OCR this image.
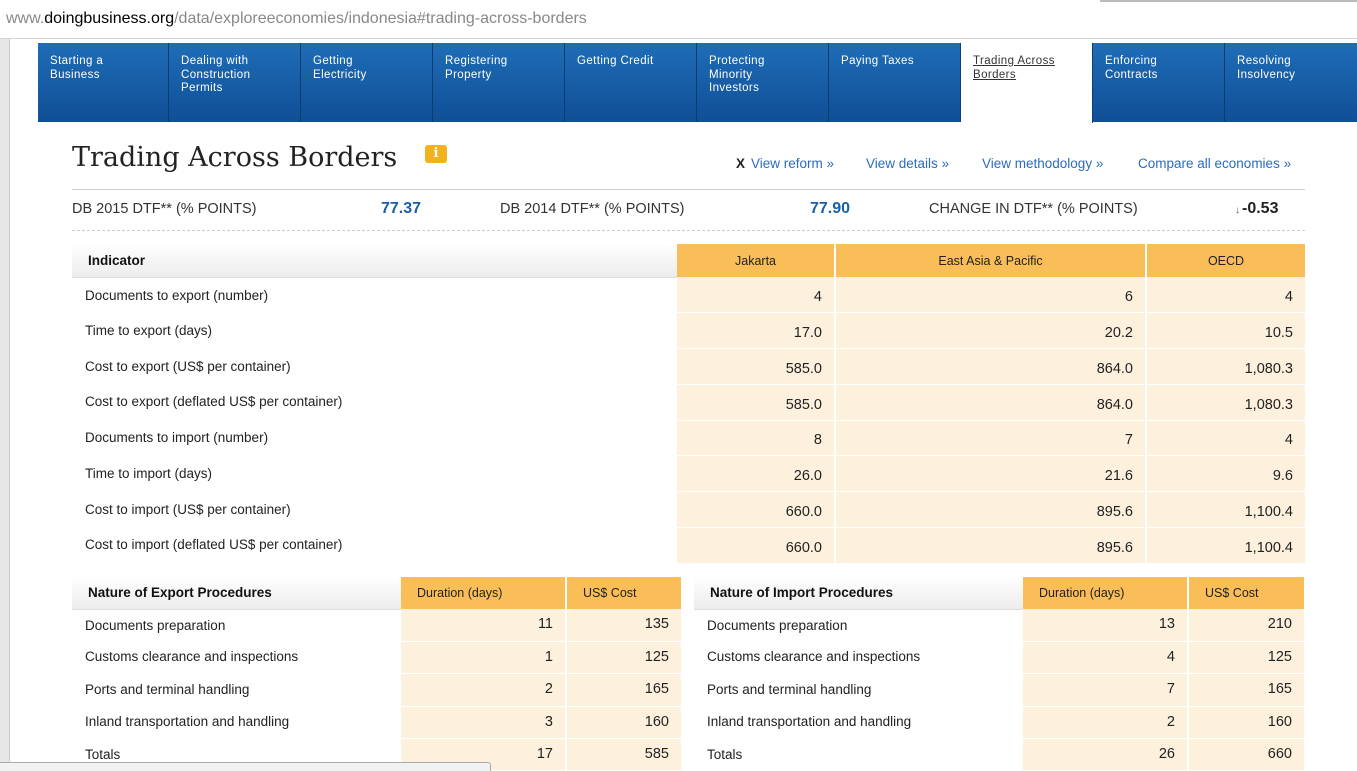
www.doingbusiness.org/data/exploreeconomies/indonesia#trading-across-borders
Starting a
Business
Dealing with
Construction
Permits
Getting
Electricity
Registering
Property
Getting Credit	Protecting
Minority
Investors
Paying Taxes	Trading Across
Borders
Enforcing
Contracts
Resolving
Insolvency
Trading Across Borders	i
X View reform » View details » View methodology »	Compare all economies »
DB 2015 DTF** (% POINTS)	77.37	DB 2014 DTF** (% POINTS)	77.90	CHANGE IN DTF** (% POINTS)	↓ -0.53
Indicator	Jakarta	East Asia & Pacific	OECD
Documents to export (number)	4	6	4
Time to export (days)	17.0	20.2	10.5
Cost to export (US$ per container)	585.0	864.0	1,080.3
Cost to export (deflated US$ per container)	585.0	864.0	1,080.3
Documents to import (number)	8	7	4
Time to import (days)	26.0	21.6	9.6
Cost to import (US$ per container)	660.0	895.6	1,100.4
Cost to import (deflated US$ per container)	660.0	895.6	1,100.4
Nature of Export Procedures	Duration (days)	US$ Cost
Documents preparation	11	135
Customs clearance and inspections	1	125
Ports and terminal handling	2	165
Inland transportation and handling	3	160
Totals	17	585
Nature of Import Procedures	Duration (days)	US$ Cost
Documents preparation	13	210
Customs clearance and inspections	4	125
Ports and terminal handling	7	165
Inland transportation and handling	2	160
Totals	26	660
